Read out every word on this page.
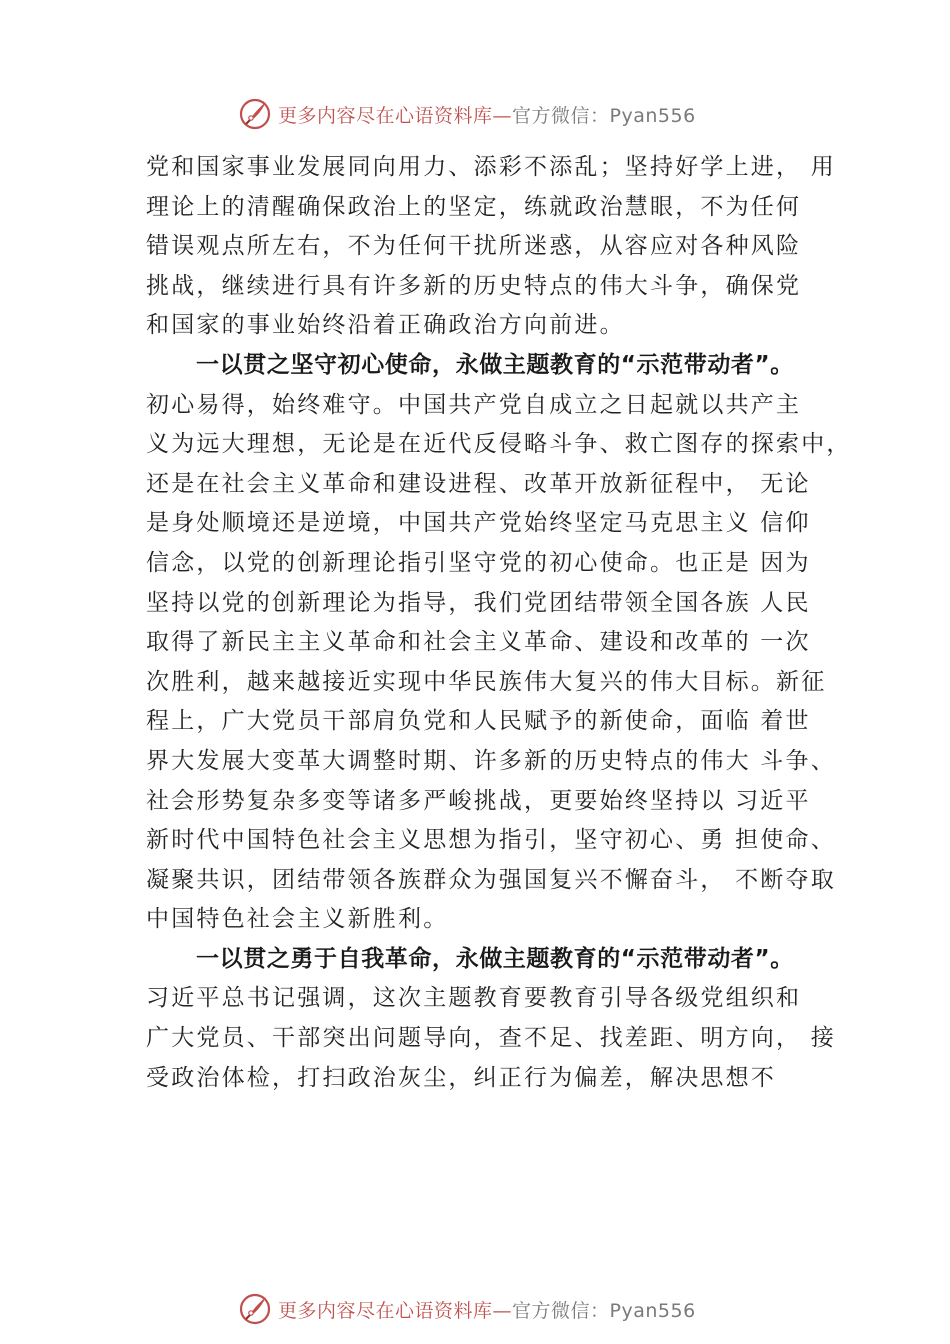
更多内容尽在心语资料库—官方微信：Pyan556
党和国家事业发展同向用力、添彩不添乱；坚持好学上进， 用
理论上的清醒确保政治上的坚定，练就政治慧眼，不为任何
错误观点所左右，不为任何干扰所迷惑，从容应对各种风险
挑战，继续进行具有许多新的历史特点的伟大斗争，确保党
和国家的事业始终沿着正确政治方向前进。
一以贯之坚守初心使命，永做主题教育的“示范带动者”。
初心易得，始终难守。中国共产党自成立之日起就以共产主
义为远大理想，无论是在近代反侵略斗争、救亡图存的探索中，
还是在社会主义革命和建设进程、改革开放新征程中， 无论
是身处顺境还是逆境，中国共产党始终坚定马克思主义 信仰
信念，以党的创新理论指引坚守党的初心使命。也正是 因为
坚持以党的创新理论为指导，我们党团结带领全国各族 人民
取得了新民主主义革命和社会主义革命、建设和改革的 一次
次胜利，越来越接近实现中华民族伟大复兴的伟大目标。新征
程上，广大党员干部肩负党和人民赋予的新使命，面临 着世
界大发展大变革大调整时期、许多新的历史特点的伟大 斗争、
社会形势复杂多变等诸多严峻挑战，更要始终坚持以 习近平
新时代中国特色社会主义思想为指引，坚守初心、勇 担使命、
凝聚共识，团结带领各族群众为强国复兴不懈奋斗， 不断夺取
中国特色社会主义新胜利。
一以贯之勇于自我革命，永做主题教育的“示范带动者”。
习近平总书记强调，这次主题教育要教育引导各级党组织和
广大党员、干部突出问题导向，查不足、找差距、明方向， 接
受政治体检，打扫政治灰尘，纠正行为偏差，解决思想不
更多内容尽在心语资料库—官方微信：Pyan556
